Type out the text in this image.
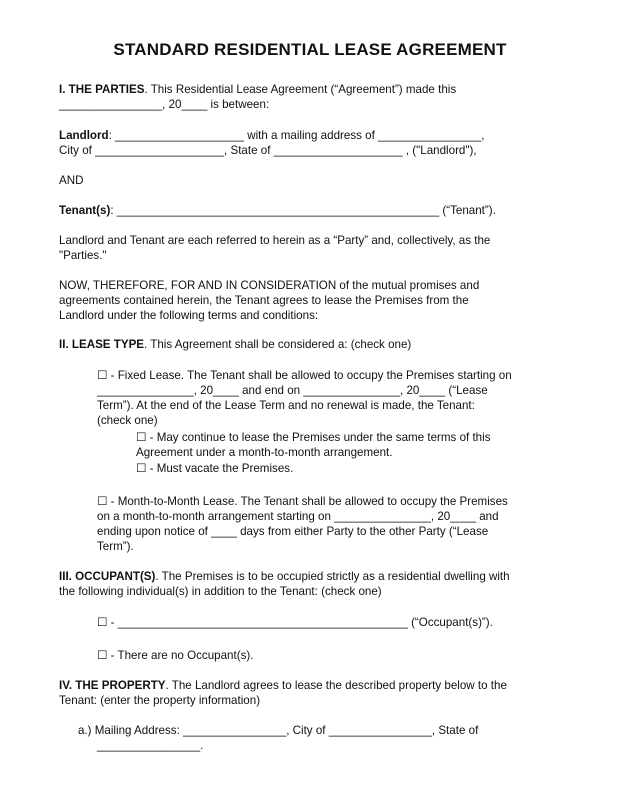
STANDARD RESIDENTIAL LEASE AGREEMENT
I. THE PARTIES. This Residential Lease Agreement (“Agreement”) made this
________________, 20____ is between:
Landlord: ____________________ with a mailing address of ________________,
City of ____________________, State of ____________________ , ("Landlord"),
AND
Tenant(s): __________________________________________________ (“Tenant”).
Landlord and Tenant are each referred to herein as a “Party” and, collectively, as the
"Parties."
NOW, THEREFORE, FOR AND IN CONSIDERATION of the mutual promises and
agreements contained herein, the Tenant agrees to lease the Premises from the
Landlord under the following terms and conditions:
II. LEASE TYPE. This Agreement shall be considered a: (check one)
☐ - Fixed Lease. The Tenant shall be allowed to occupy the Premises starting on
_______________, 20____ and end on _______________, 20____ (“Lease
Term”). At the end of the Lease Term and no renewal is made, the Tenant:
(check one)
☐ - May continue to lease the Premises under the same terms of this
Agreement under a month-to-month arrangement.
☐ - Must vacate the Premises.
☐ - Month-to-Month Lease. The Tenant shall be allowed to occupy the Premises
on a month-to-month arrangement starting on _______________, 20____ and
ending upon notice of ____ days from either Party to the other Party (“Lease
Term”).
III. OCCUPANT(S). The Premises is to be occupied strictly as a residential dwelling with
the following individual(s) in addition to the Tenant: (check one)
☐ - _____________________________________________ (“Occupant(s)”).
☐ - There are no Occupant(s).
IV. THE PROPERTY. The Landlord agrees to lease the described property below to the
Tenant: (enter the property information)
a.) Mailing Address: ________________, City of ________________, State of
________________.
